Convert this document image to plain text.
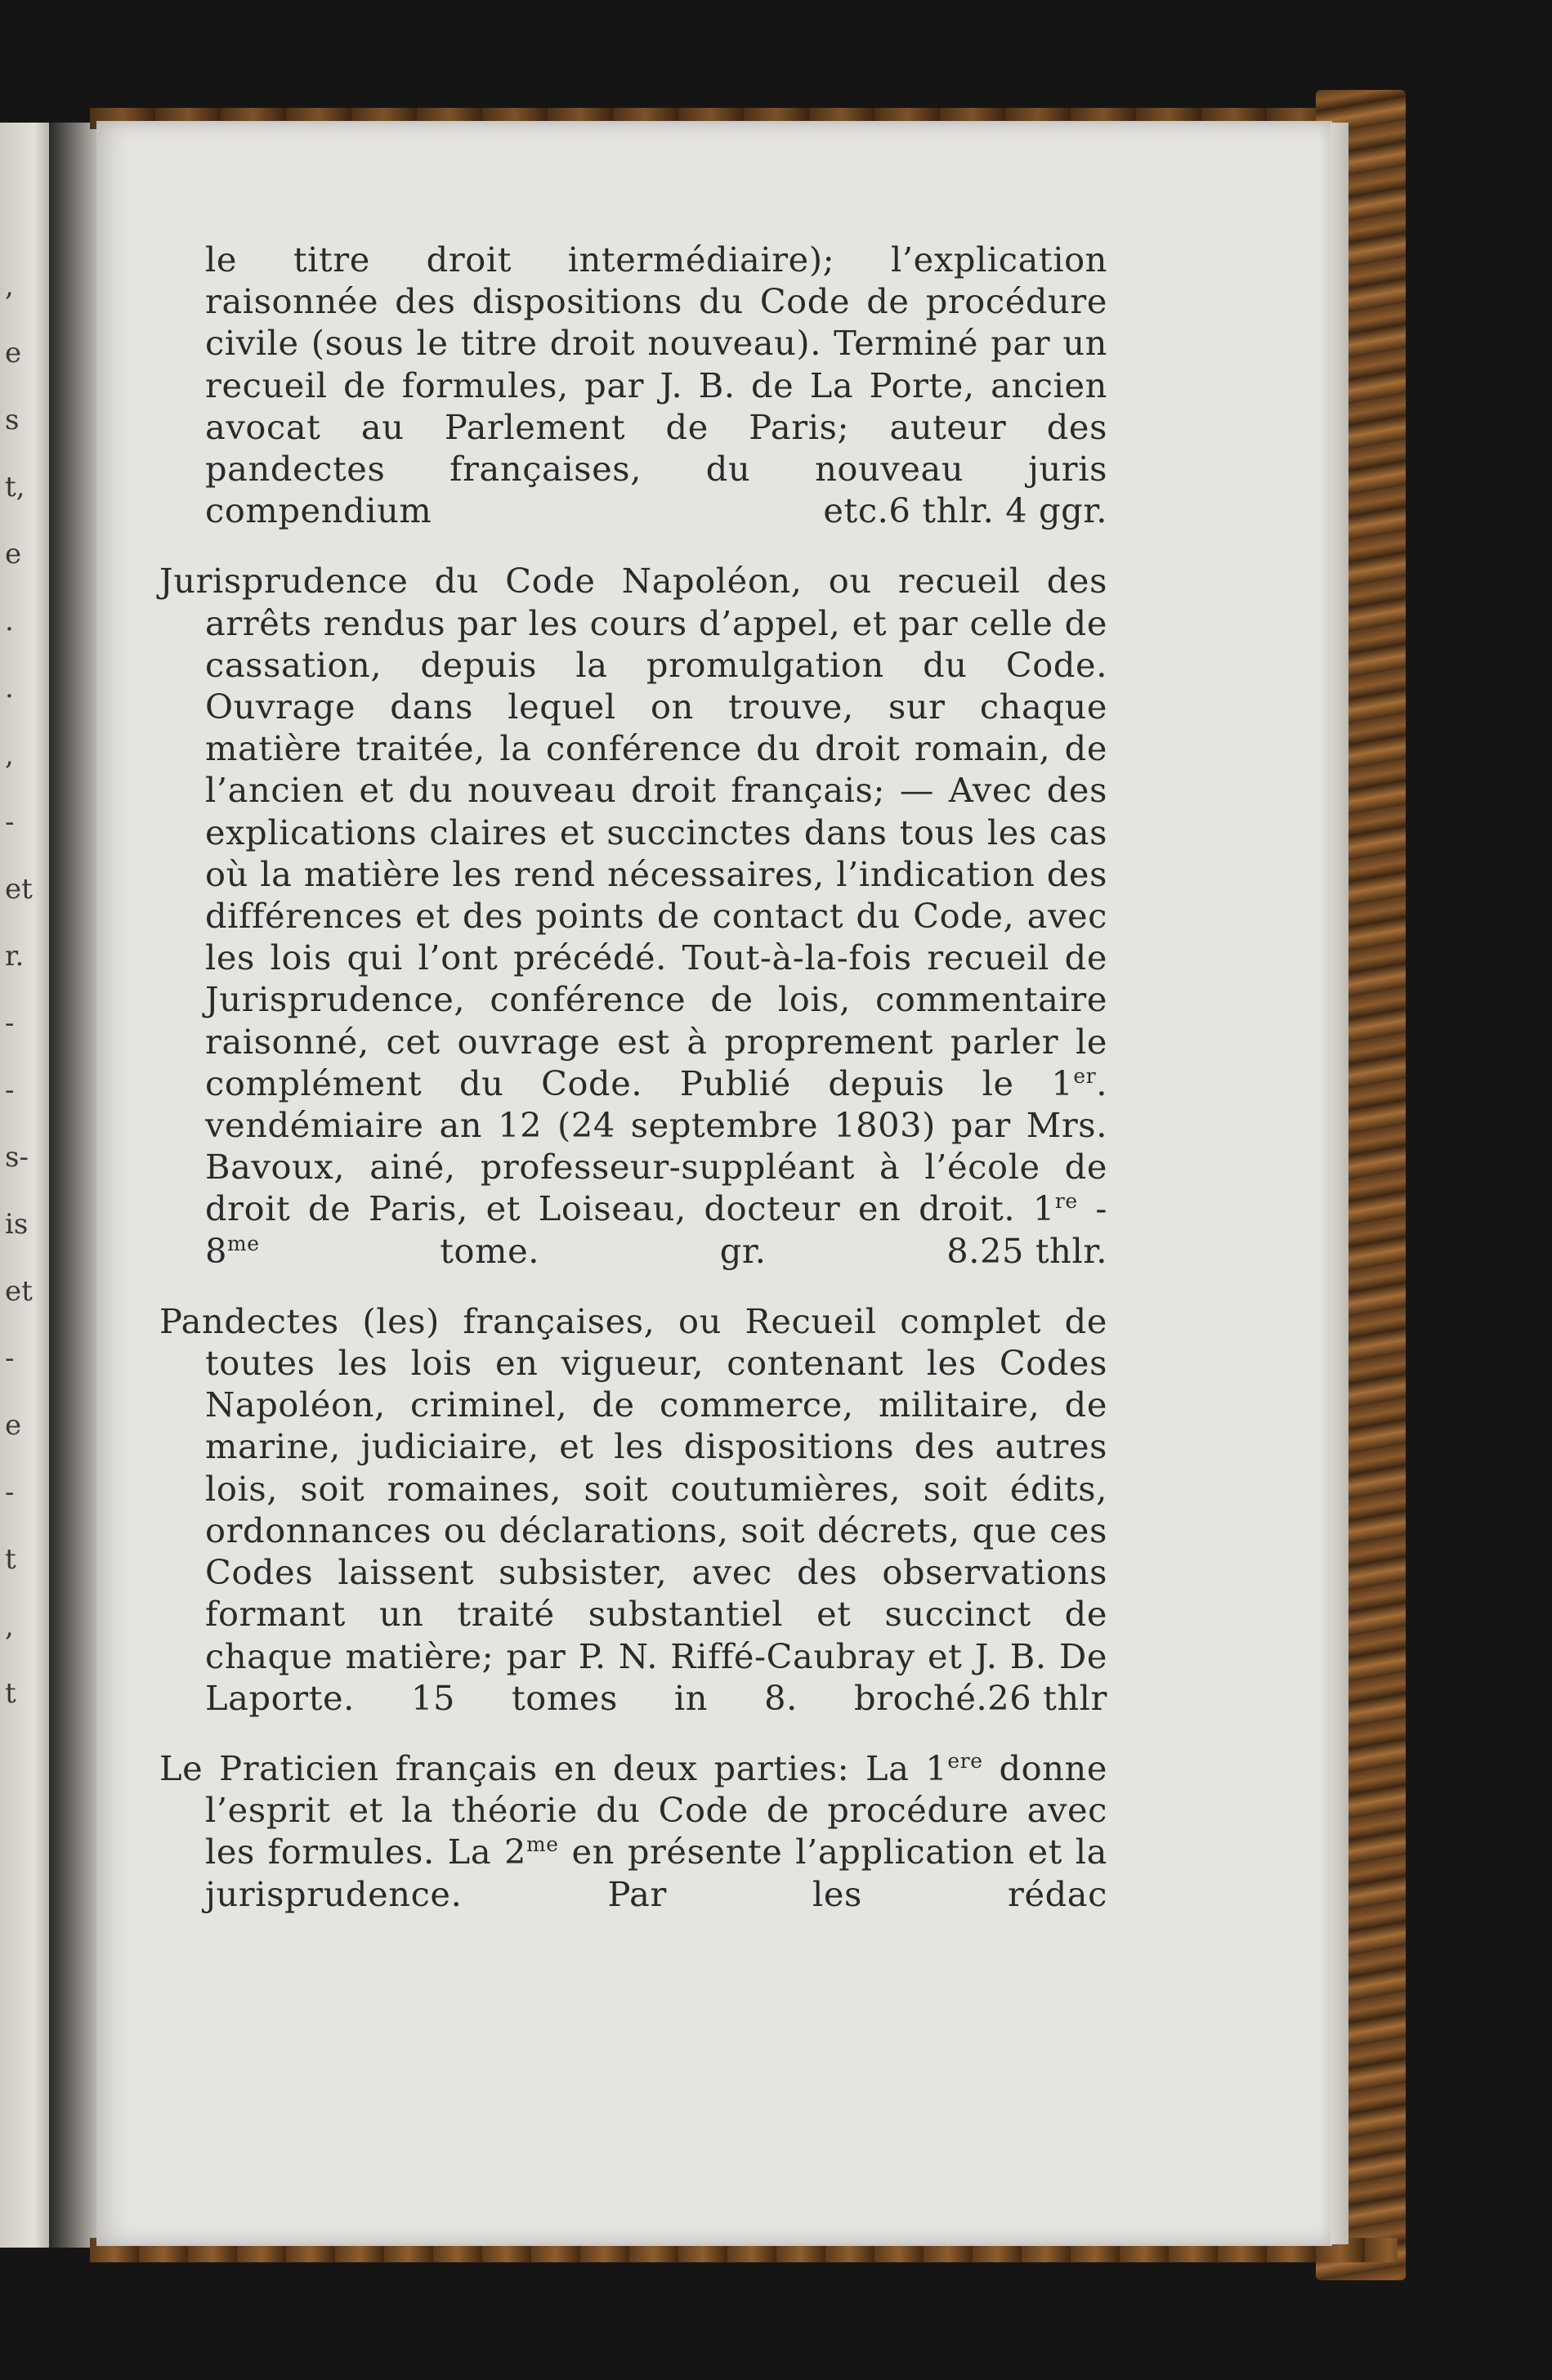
,
e
s
t,
e
.
.
,
-
et
r.
-
-
s-
is
et
-
e
-
t
,
t

le titre droit intermédiaire); l’explication raisonnée des dispositions du Code de procédure civile (sous le titre droit nouveau). Terminé par un recueil de formules, par J. B. de La Porte, ancien avocat au Parlement de Paris; auteur des pandectes françaises, du nouveau juris compendium etc. 6 thlr. 4 ggr.

Jurisprudence du Code Napoléon, ou recueil des arrêts rendus par les cours d’appel, et par celle de cassation, depuis la promulgation du Code. Ouvrage dans lequel on trouve, sur chaque matière traitée, la conférence du droit romain, de l’ancien et du nouveau droit français; — Avec des explications claires et succinctes dans tous les cas où la matière les rend nécessaires, l’indication des différences et des points de contact du Code, avec les lois qui l’ont précédé. Tout-à-la-fois recueil de Jurisprudence, conférence de lois, commentaire raisonné, cet ouvrage est à proprement parler le complément du Code. Publié depuis le 1er. vendémiaire an 12 (24 septembre 1803) par Mrs. Bavoux, ainé, professeur-suppléant à l’école de droit de Paris, et Loiseau, docteur en droit. $1re - 8^{me}$ tome. gr. 8. 25 thlr.

Pandectes (les) françaises, ou Recueil complet de toutes les lois en vigueur, contenant les Codes Napoléon, criminel, de commerce, militaire, de marine, judiciaire, et les dispositions des autres lois, soit romaines, soit coutumières, soit édits, ordonnances ou déclarations, soit décrets, que ces Codes laissent subsister, avec des observations formant un traité substantiel et succinct de chaque matière; par P. N. Riffé-Caubray et J. B. De Laporte. 15 tomes in 8. broché. 26 thlr

Le Praticien français en deux parties: La 1ere donne l’esprit et la théorie du Code de procédure avec les formules. La $2^{me}$ en présente l’application et la jurisprudence. Par les rédac
